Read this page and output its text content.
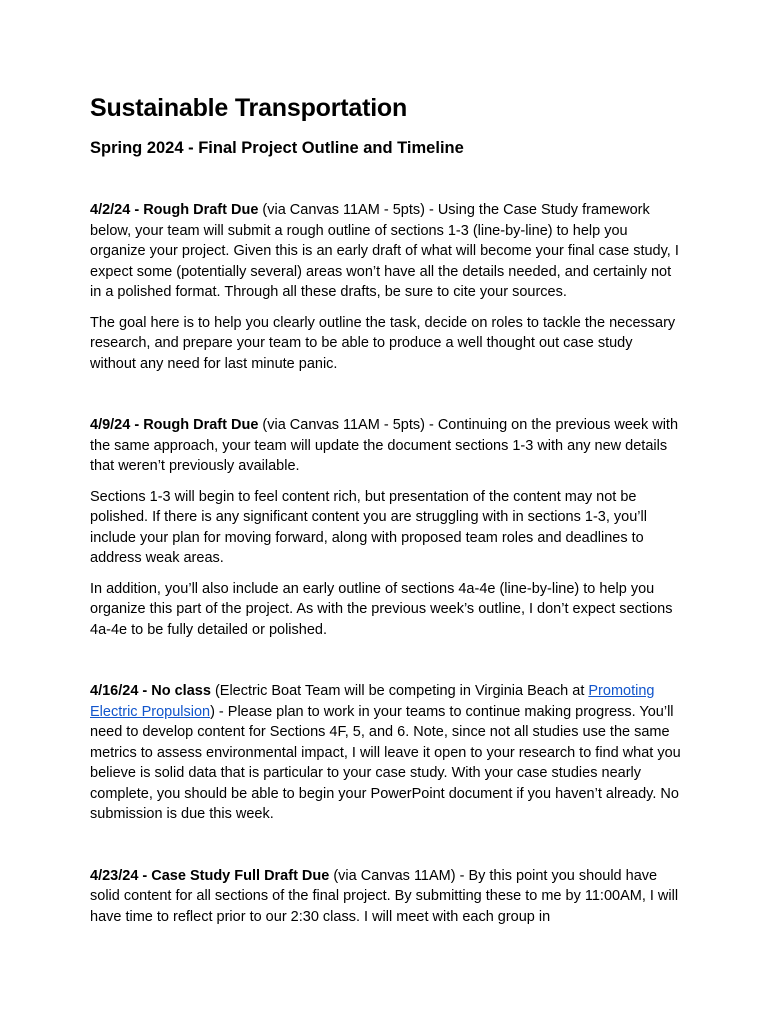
Sustainable Transportation
Spring 2024 - Final Project Outline and Timeline

4/2/24 - Rough Draft Due (via Canvas 11AM - 5pts) - Using the Case Study framework below, your team will submit a rough outline of sections 1-3 (line-by-line) to help you organize your project. Given this is an early draft of what will become your final case study, I expect some (potentially several) areas won’t have all the details needed, and certainly not in a polished format. Through all these drafts, be sure to cite your sources.

The goal here is to help you clearly outline the task, decide on roles to tackle the necessary research, and prepare your team to be able to produce a well thought out case study without any need for last minute panic.

4/9/24 - Rough Draft Due (via Canvas 11AM - 5pts) - Continuing on the previous week with the same approach, your team will update the document sections 1-3 with any new details that weren’t previously available.

Sections 1-3 will begin to feel content rich, but presentation of the content may not be polished. If there is any significant content you are struggling with in sections 1-3, you’ll include your plan for moving forward, along with proposed team roles and deadlines to address weak areas.

In addition, you’ll also include an early outline of sections 4a-4e (line-by-line) to help you organize this part of the project. As with the previous week’s outline, I don’t expect sections 4a-4e to be fully detailed or polished.

4/16/24 - No class (Electric Boat Team will be competing in Virginia Beach at Promoting Electric Propulsion) - Please plan to work in your teams to continue making progress. You’ll need to develop content for Sections 4F, 5, and 6. Note, since not all studies use the same metrics to assess environmental impact, I will leave it open to your research to find what you believe is solid data that is particular to your case study. With your case studies nearly complete, you should be able to begin your PowerPoint document if you haven’t already. No submission is due this week.

4/23/24 - Case Study Full Draft Due (via Canvas 11AM) - By this point you should have solid content for all sections of the final project. By submitting these to me by 11:00AM, I will have time to reflect prior to our 2:30 class. I will meet with each group in
